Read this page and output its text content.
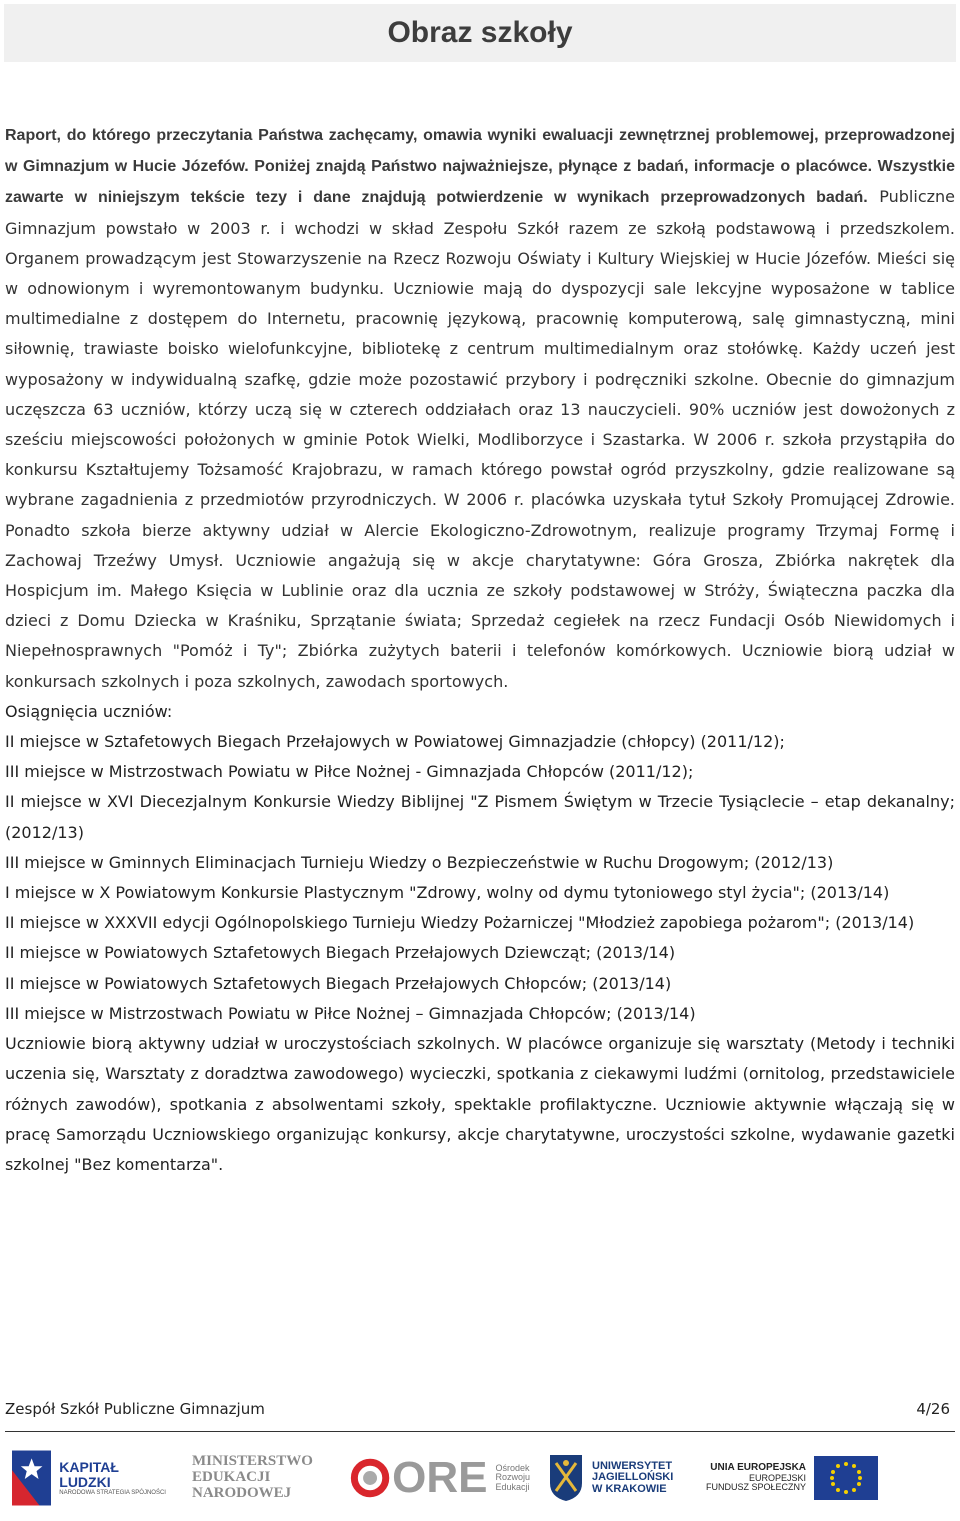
Obraz szkoły

Raport, do którego przeczytania Państwa zachęcamy, omawia wyniki ewaluacji zewnętrznej problemowej, przeprowadzonej w Gimnazjum w Hucie Józefów. Poniżej znajdą Państwo najważniejsze, płynące z badań, informacje o placówce. Wszystkie zawarte w niniejszym tekście tezy i dane znajdują potwierdzenie w wynikach przeprowadzonych badań. Publiczne Gimnazjum powstało w 2003 r. i wchodzi w skład Zespołu Szkół razem ze szkołą podstawową i przedszkolem. Organem prowadzącym jest Stowarzyszenie na Rzecz Rozwoju Oświaty i Kultury Wiejskiej w Hucie Józefów. Mieści się w odnowionym i wyremontowanym budynku. Uczniowie mają do dyspozycji sale lekcyjne wyposażone w tablice multimedialne z dostępem do Internetu, pracownię językową, pracownię komputerową, salę gimnastyczną, mini siłownię, trawiaste boisko wielofunkcyjne, bibliotekę z centrum multimedialnym oraz stołówkę. Każdy uczeń jest wyposażony w indywidualną szafkę, gdzie może pozostawić przybory i podręczniki szkolne. Obecnie do gimnazjum uczęszcza 63 uczniów, którzy uczą się w czterech oddziałach oraz 13 nauczycieli. 90% uczniów jest dowożonych z sześciu miejscowości położonych w gminie Potok Wielki, Modliborzyce i Szastarka. W 2006 r. szkoła przystąpiła do konkursu Kształtujemy Tożsamość Krajobrazu, w ramach którego powstał ogród przyszkolny, gdzie realizowane są wybrane zagadnienia z przedmiotów przyrodniczych. W 2006 r. placówka uzyskała tytuł Szkoły Promującej Zdrowie. Ponadto szkoła bierze aktywny udział w Alercie Ekologiczno-Zdrowotnym, realizuje programy Trzymaj Formę i Zachowaj Trzeźwy Umysł. Uczniowie angażują się w akcje charytatywne: Góra Grosza, Zbiórka nakrętek dla Hospicjum im. Małego Księcia w Lublinie oraz dla ucznia ze szkoły podstawowej w Stróży, Świąteczna paczka dla dzieci z Domu Dziecka w Kraśniku, Sprzątanie świata; Sprzedaż cegiełek na rzecz Fundacji Osób Niewidomych i Niepełnosprawnych "Pomóż i Ty"; Zbiórka zużytych baterii i telefonów komórkowych. Uczniowie biorą udział w konkursach szkolnych i poza szkolnych, zawodach sportowych.

Osiągnięcia uczniów:

II miejsce w Sztafetowych Biegach Przełajowych w Powiatowej Gimnazjadzie (chłopcy) (2011/12);

III miejsce w Mistrzostwach Powiatu w Piłce Nożnej - Gimnazjada Chłopców (2011/12);

II miejsce w XVI Diecezjalnym Konkursie Wiedzy Biblijnej "Z Pismem Świętym w Trzecie Tysiąclecie – etap dekanalny; (2012/13)

III miejsce w Gminnych Eliminacjach Turnieju Wiedzy o Bezpieczeństwie w Ruchu Drogowym; (2012/13)

I miejsce w X Powiatowym Konkursie Plastycznym "Zdrowy, wolny od dymu tytoniowego styl życia"; (2013/14)

II miejsce w XXXVII edycji Ogólnopolskiego Turnieju Wiedzy Pożarniczej "Młodzież zapobiega pożarom"; (2013/14)

II miejsce w Powiatowych Sztafetowych Biegach Przełajowych Dziewcząt; (2013/14)

II miejsce w Powiatowych Sztafetowych Biegach Przełajowych Chłopców; (2013/14)

III miejsce w Mistrzostwach Powiatu w Piłce Nożnej – Gimnazjada Chłopców; (2013/14)

Uczniowie biorą aktywny udział w uroczystościach szkolnych. W placówce organizuje się warsztaty (Metody i techniki uczenia się, Warsztaty z doradztwa zawodowego) wycieczki, spotkania z ciekawymi ludźmi (ornitolog, przedstawiciele różnych zawodów), spotkania z absolwentami szkoły, spektakle profilaktyczne. Uczniowie aktywnie włączają się w pracę Samorządu Uczniowskiego organizując konkursy, akcje charytatywne, uroczystości szkolne, wydawanie gazetki szkolnej "Bez komentarza".

Zespół Szkół Publiczne Gimnazjum	4/26
KAPITAŁ LUDZKI
NARODOWA STRATEGIA SPÓJNOŚCI
MINISTERSTWO
EDUKACJI
NARODOWEJ	ORE Ośrodek
Rozwoju
Edukacji
UNIWERSYTET
JAGIELLOŃSKI
W KRAKOWIE
UNIA EUROPEJSKA
EUROPEJSKI
FUNDUSZ SPOŁECZNY
